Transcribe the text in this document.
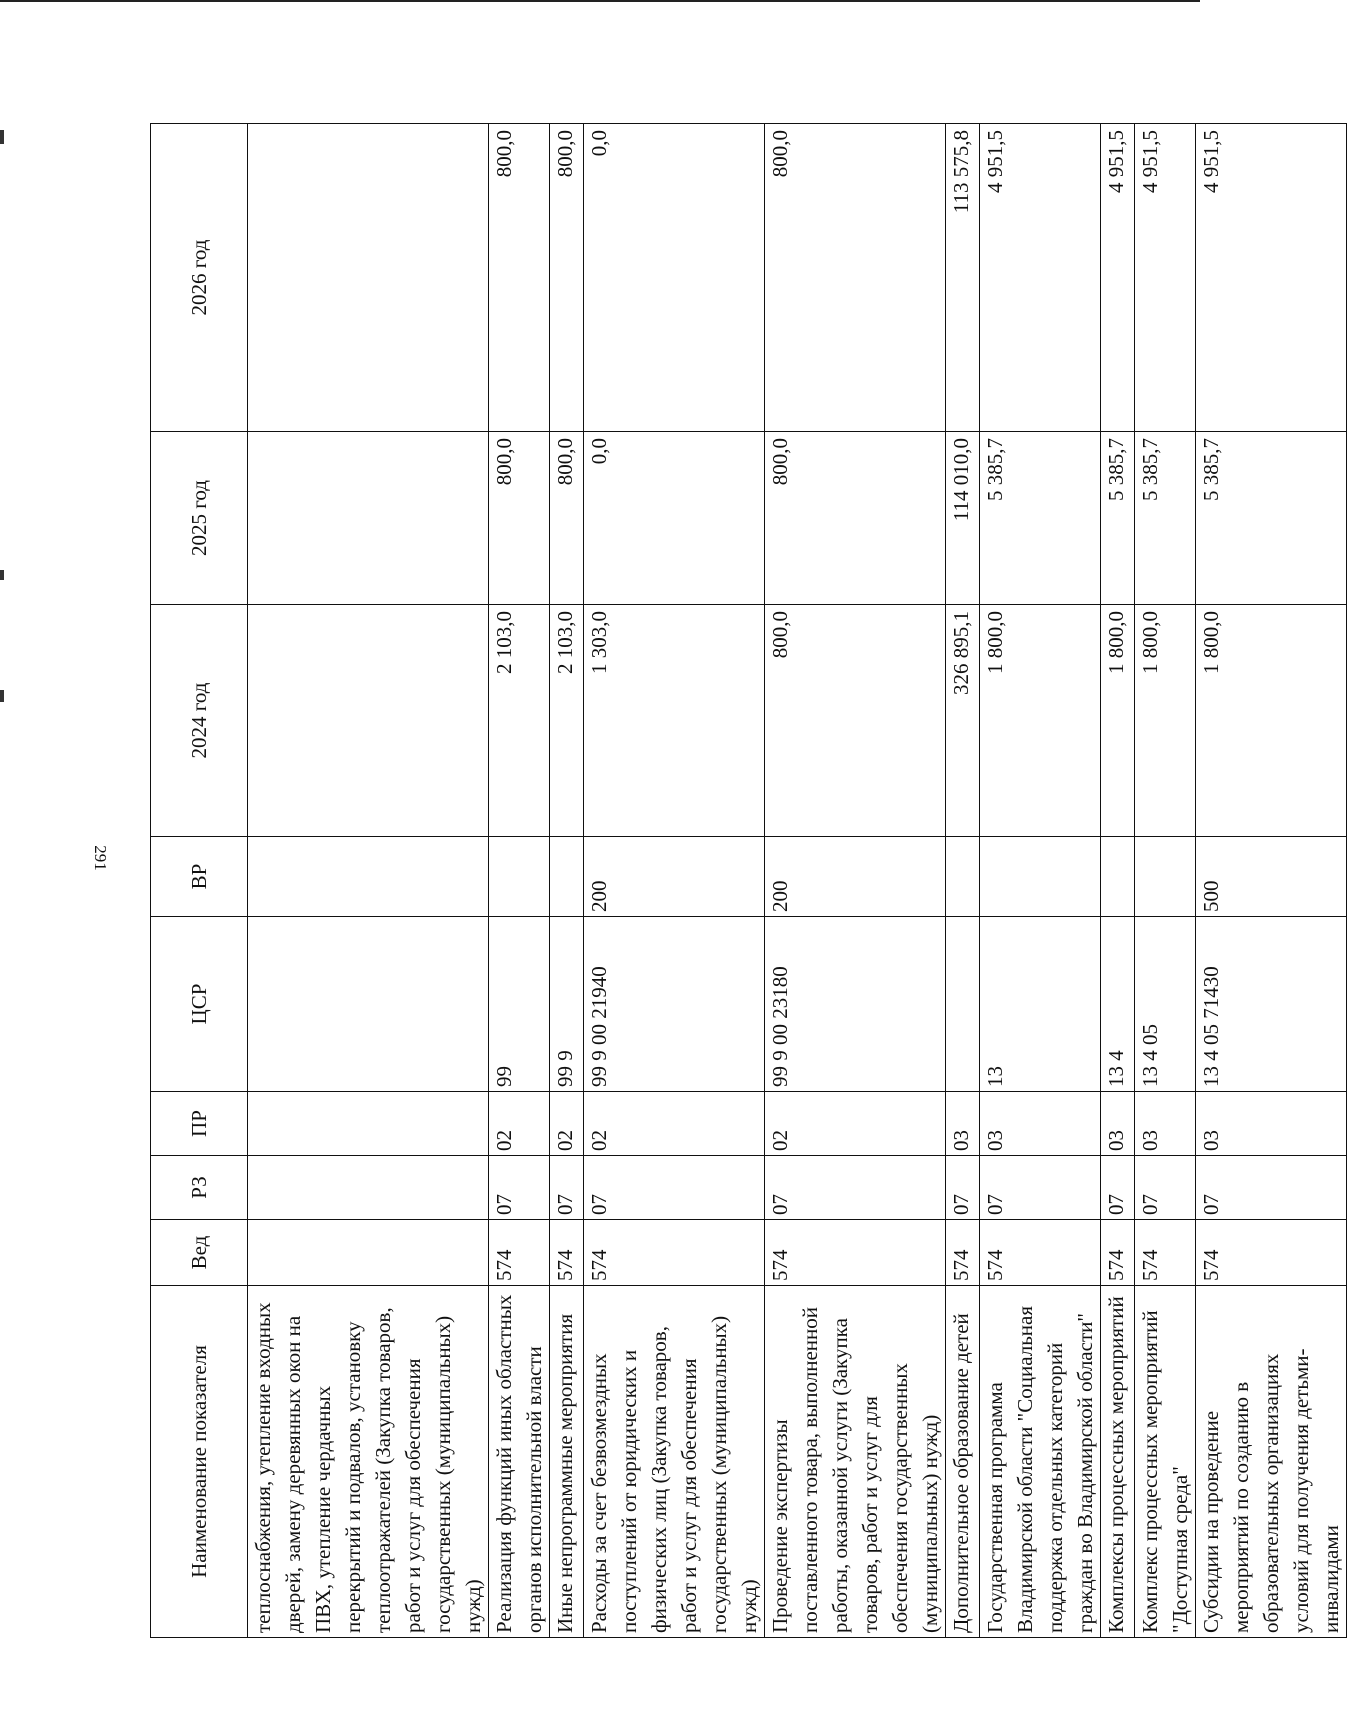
291
Наименование показателя	Вед	РЗ	ПР	ЦСР	ВР	2024 год	2025 год	2026 год
теплоснабжения, утепление входных дверей, замену деревянных окон на ПВХ, утепление чердачных перекрытий и подвалов, установку теплоотражателей (Закупка товаров, работ и услуг для обеспечения государственных (муниципальных) нужд)								
Реализация функций иных областных органов исполнительной власти	574	07	02	99		2 103,0	800,0	800,0
Иные непрограммные мероприятия	574	07	02	99 9		2 103,0	800,0	800,0
Расходы за счет безвозмездных поступлений от юридических и физических лиц (Закупка товаров, работ и услуг для обеспечения государственных (муниципальных) нужд)	574	07	02	99 9 00 21940	200	1 303,0	0,0	0,0
Проведение экспертизы поставленного товара, выполненной работы, оказанной услуги (Закупка товаров, работ и услуг для обеспечения государственных (муниципальных) нужд)	574	07	02	99 9 00 23180	200	800,0	800,0	800,0
Дополнительное образование детей	574	07	03			326 895,1	114 010,0	113 575,8
Государственная программа Владимирской области "Социальная поддержка отдельных категорий граждан во Владимирской области"	574	07	03	13		1 800,0	5 385,7	4 951,5
Комплексы процессных мероприятий	574	07	03	13 4		1 800,0	5 385,7	4 951,5
Комплекс процессных мероприятий "Доступная среда"	574	07	03	13 4 05		1 800,0	5 385,7	4 951,5
Субсидии на проведение мероприятий по созданию в образовательных организациях условий для получения детьми-инвалидами	574	07	03	13 4 05 71430	500	1 800,0	5 385,7	4 951,5
